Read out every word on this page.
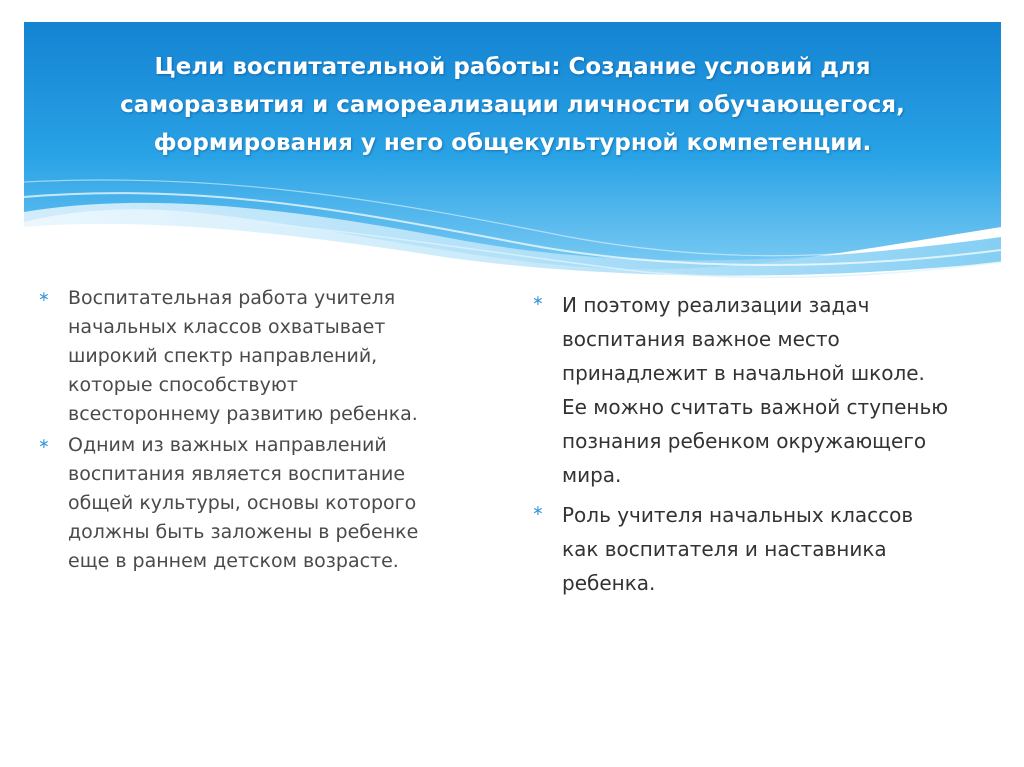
Цели воспитательной работы: Создание условий для саморазвития и самореализации личности обучающегося, формирования у него общекультурной компетенции.
∗ Воспитательная работа учителя начальных классов охватывает широкий спектр направлений, которые способствуют всестороннему развитию ребенка.
∗ Одним из важных направлений воспитания является воспитание общей культуры, основы которого должны быть заложены в ребенке еще в раннем детском возрасте.
∗ И поэтому реализации задач воспитания важное место принадлежит в начальной школе. Ее можно считать важной ступенью познания ребенком окружающего мира.
∗ Роль учителя начальных классов как воспитателя и наставника ребенка.
